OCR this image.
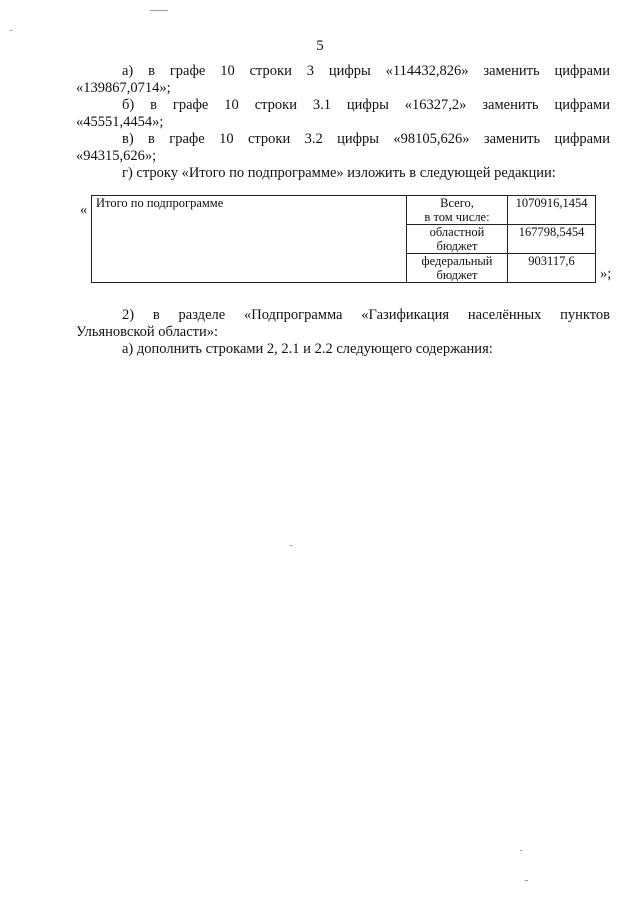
5
а) в графе 10 строки 3 цифры «114432,826» заменить цифрами
«139867,0714»;
б) в графе 10 строки 3.1 цифры «16327,2» заменить цифрами
«45551,4454»;
в) в графе 10 строки 3.2 цифры «98105,626» заменить цифрами
«94315,626»;
г) строку «Итого по подпрограмме» изложить в следующей редакции:
« Итого по подпрограмме	Всего,
в том числе:	1070916,1454

	областной
бюджет	167798,5454

	федеральный
бюджет	903117,6
»;
2) в разделе «Подпрограмма «Газификация населённых пунктов
Ульяновской области»:
а) дополнить строками 2, 2.1 и 2.2 следующего содержания:
